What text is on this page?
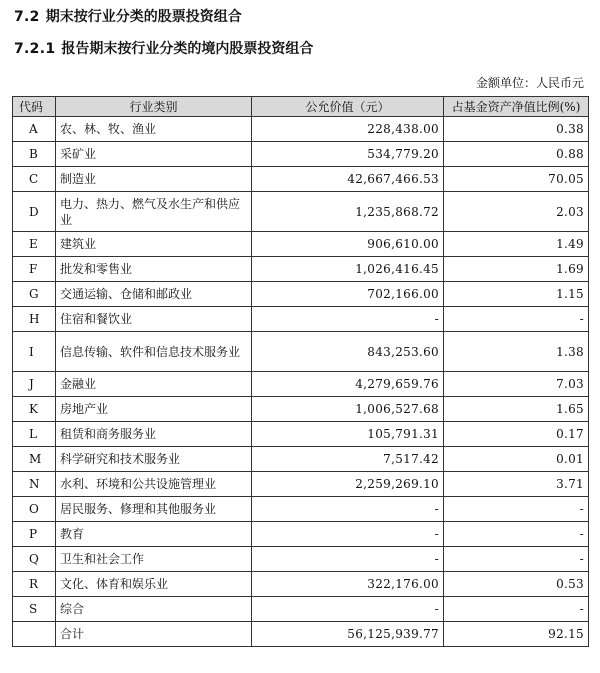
7.2 期末按行业分类的股票投资组合
7.2.1 报告期末按行业分类的境内股票投资组合
金额单位：人民币元
代码	行业类别	公允价值（元）	占基金资产净值比例(%)
A	农、林、牧、渔业	228,438.00	0.38
B	采矿业	534,779.20	0.88
C	制造业	42,667,466.53	70.05
D	电力、热力、燃气及水生产和供应业	1,235,868.72	2.03
E	建筑业	906,610.00	1.49
F	批发和零售业	1,026,416.45	1.69
G	交通运输、仓储和邮政业	702,166.00	1.15
H	住宿和餐饮业	-	-
I	信息传输、软件和信息技术服务业	843,253.60	1.38
J	金融业	4,279,659.76	7.03
K	房地产业	1,006,527.68	1.65
L	租赁和商务服务业	105,791.31	0.17
M	科学研究和技术服务业	7,517.42	0.01
N	水利、环境和公共设施管理业	2,259,269.10	3.71
O	居民服务、修理和其他服务业	-	-
P	教育	-	-
Q	卫生和社会工作	-	-
R	文化、体育和娱乐业	322,176.00	0.53
S	综合	-	-
	合计	56,125,939.77	92.15
